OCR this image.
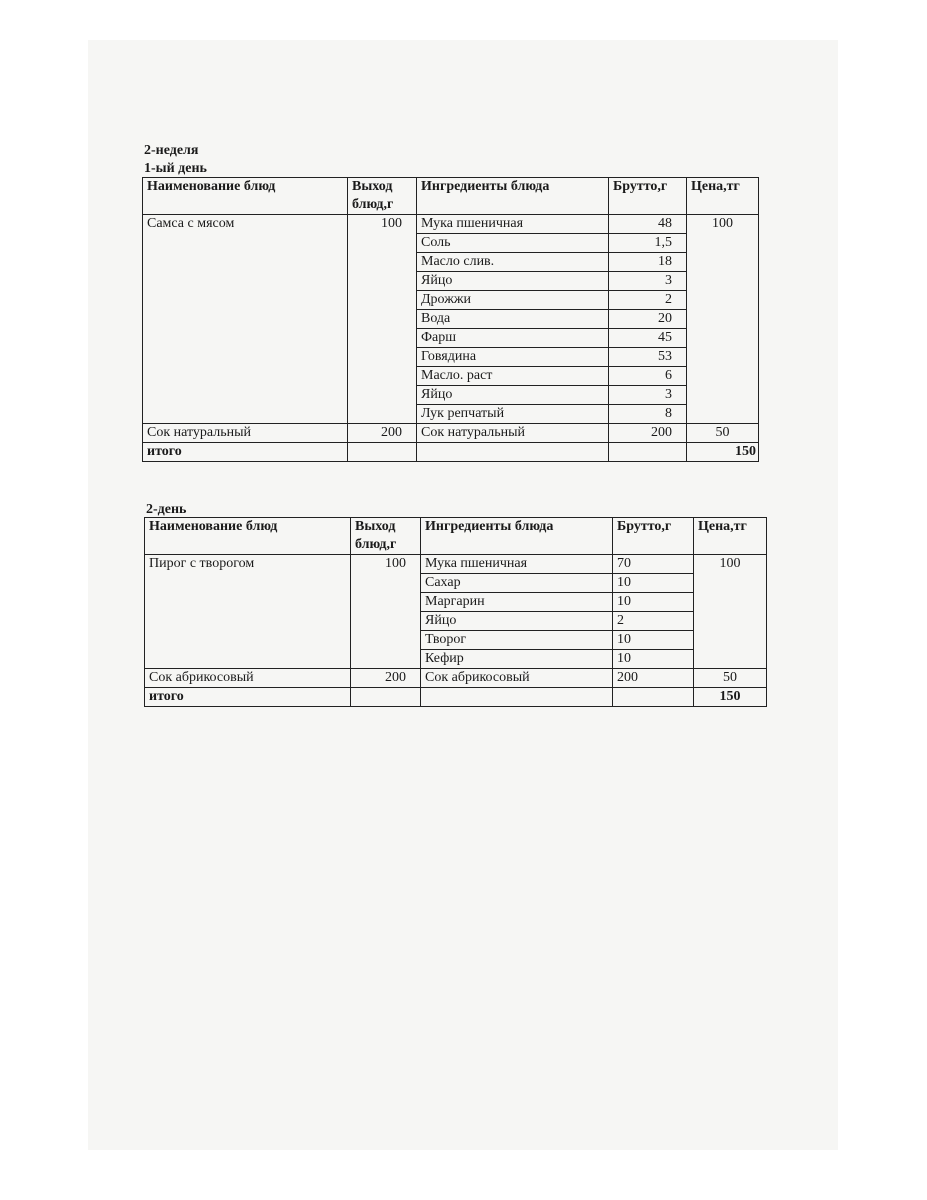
2-неделя
1-ый день
Наименование блюд	Выход блюд,г	Ингредиенты блюда	Брутто,г	Цена,тг
Самса с мясом	100	Мука пшеничная	48	100
		Соль	1,5	
		Масло слив.	18	
		Яйцо	3	
		Дрожжи	2	
		Вода	20	
		Фарш	45	
		Говядина	53	
		Масло. раст	6	
		Яйцо	3	
		Лук репчатый	8	
Сок натуральный	200	Сок натуральный	200	50
итого				150
2-день
Наименование блюд	Выход блюд,г	Ингредиенты блюда	Брутто,г	Цена,тг
Пирог с творогом	100	Мука пшеничная	70	100
		Сахар	10	
		Маргарин	10	
		Яйцо	2	
		Творог	10	
		Кефир	10	
Сок абрикосовый	200	Сок абрикосовый	200	50
итого				150
